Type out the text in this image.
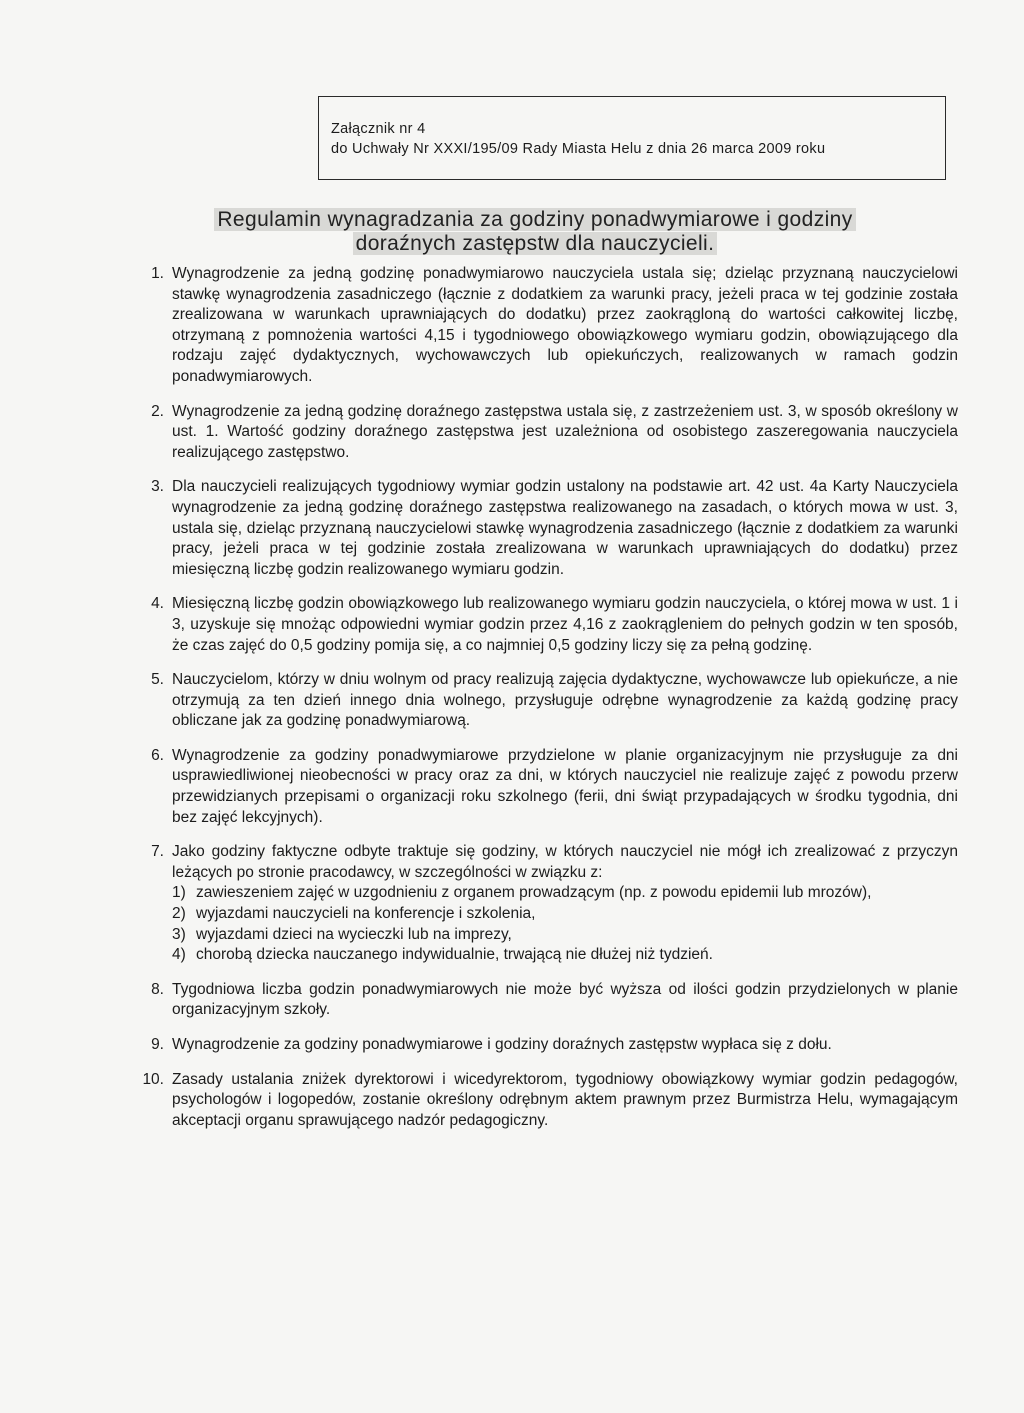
Załącznik nr 4
do Uchwały Nr XXXI/195/09 Rady Miasta Helu z dnia 26 marca 2009 roku
Regulamin wynagradzania za godziny ponadwymiarowe i godziny
doraźnych zastępstw dla nauczycieli.
1. Wynagrodzenie za jedną godzinę ponadwymiarowo nauczyciela ustala się; dzieląc przyznaną nauczycielowi stawkę wynagrodzenia zasadniczego (łącznie z dodatkiem za warunki pracy, jeżeli praca w tej godzinie została zrealizowana w warunkach uprawniających do dodatku) przez zaokrągloną do wartości całkowitej liczbę, otrzymaną z pomnożenia wartości 4,15 i tygodniowego obowiązkowego wymiaru godzin, obowiązującego dla rodzaju zajęć dydaktycznych, wychowawczych lub opiekuńczych, realizowanych w ramach godzin ponadwymiarowych.
2. Wynagrodzenie za jedną godzinę doraźnego zastępstwa ustala się, z zastrzeżeniem ust. 3, w sposób określony w ust. 1. Wartość godziny doraźnego zastępstwa jest uzależniona od osobistego zaszeregowania nauczyciela realizującego zastępstwo.
3. Dla nauczycieli realizujących tygodniowy wymiar godzin ustalony na podstawie art. 42 ust. 4a Karty Nauczyciela wynagrodzenie za jedną godzinę doraźnego zastępstwa realizowanego na zasadach, o których mowa w ust. 3, ustala się, dzieląc przyznaną nauczycielowi stawkę wynagrodzenia zasadniczego (łącznie z dodatkiem za warunki pracy, jeżeli praca w tej godzinie została zrealizowana w warunkach uprawniających do dodatku) przez miesięczną liczbę godzin realizowanego wymiaru godzin.
4. Miesięczną liczbę godzin obowiązkowego lub realizowanego wymiaru godzin nauczyciela, o której mowa w ust. 1 i 3, uzyskuje się mnożąc odpowiedni wymiar godzin przez 4,16 z zaokrągleniem do pełnych godzin w ten sposób, że czas zajęć do 0,5 godziny pomija się, a co najmniej 0,5 godziny liczy się za pełną godzinę.
5. Nauczycielom, którzy w dniu wolnym od pracy realizują zajęcia dydaktyczne, wychowawcze lub opiekuńcze, a nie otrzymują za ten dzień innego dnia wolnego, przysługuje odrębne wynagrodzenie za każdą godzinę pracy obliczane jak za godzinę ponadwymiarową.
6. Wynagrodzenie za godziny ponadwymiarowe przydzielone w planie organizacyjnym nie przysługuje za dni usprawiedliwionej nieobecności w pracy oraz za dni, w których nauczyciel nie realizuje zajęć z powodu przerw przewidzianych przepisami o organizacji roku szkolnego (ferii, dni świąt przypadających w środku tygodnia, dni bez zajęć lekcyjnych).
7. Jako godziny faktyczne odbyte traktuje się godziny, w których nauczyciel nie mógł ich zrealizować z przyczyn leżących po stronie pracodawcy, w szczególności w związku z:
1) zawieszeniem zajęć w uzgodnieniu z organem prowadzącym (np. z powodu epidemii lub mrozów),
2) wyjazdami nauczycieli na konferencje i szkolenia,
3) wyjazdami dzieci na wycieczki lub na imprezy,
4) chorobą dziecka nauczanego indywidualnie, trwającą nie dłużej niż tydzień.
8. Tygodniowa liczba godzin ponadwymiarowych nie może być wyższa od ilości godzin przydzielonych w planie organizacyjnym szkoły.
9. Wynagrodzenie za godziny ponadwymiarowe i godziny doraźnych zastępstw wypłaca się z dołu.
10. Zasady ustalania zniżek dyrektorowi i wicedyrektorom, tygodniowy obowiązkowy wymiar godzin pedagogów, psychologów i logopedów, zostanie określony odrębnym aktem prawnym przez Burmistrza Helu, wymagającym akceptacji organu sprawującego nadzór pedagogiczny.
